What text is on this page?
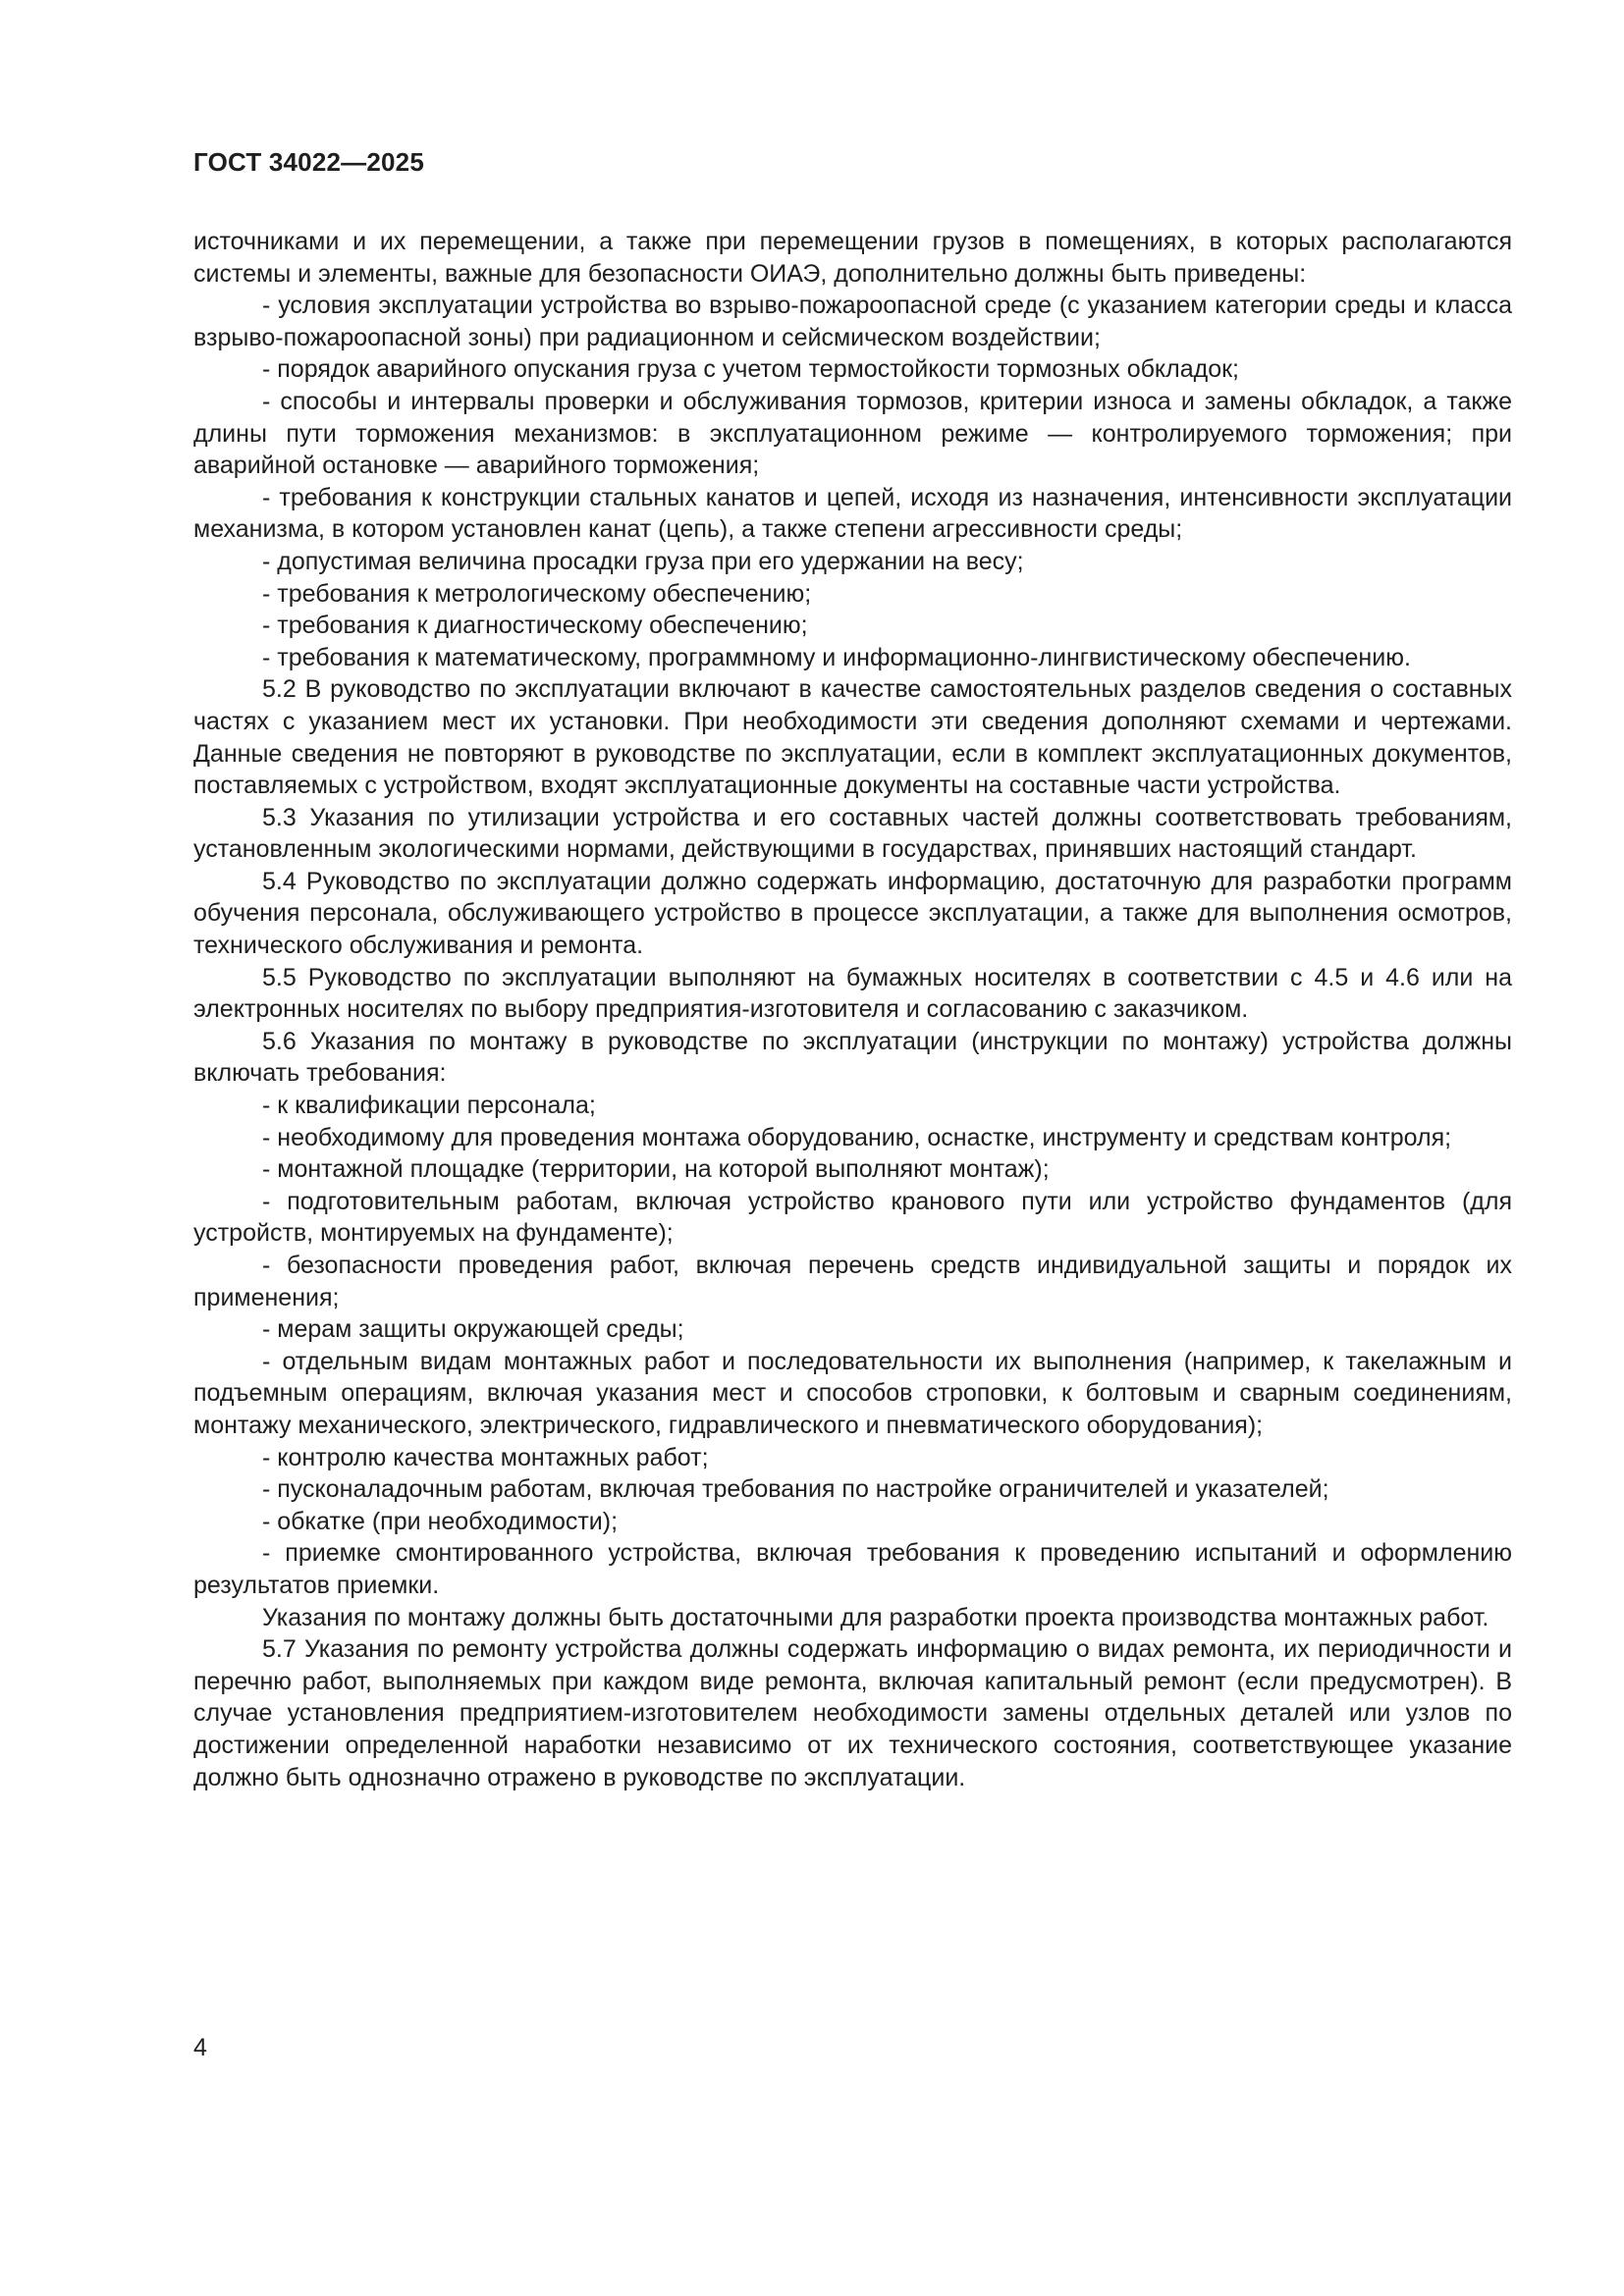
ГОСТ 34022—2025

источниками и их перемещении, а также при перемещении грузов в помещениях, в которых располагаются системы и элементы, важные для безопасности ОИАЭ, дополнительно должны быть приведены:

- условия эксплуатации устройства во взрыво-пожароопасной среде (с указанием категории среды и класса взрыво-пожароопасной зоны) при радиационном и сейсмическом воздействии;

- порядок аварийного опускания груза с учетом термостойкости тормозных обкладок;

- способы и интервалы проверки и обслуживания тормозов, критерии износа и замены обкладок, а также длины пути торможения механизмов: в эксплуатационном режиме — контролируемого торможения; при аварийной остановке — аварийного торможения;

- требования к конструкции стальных канатов и цепей, исходя из назначения, интенсивности эксплуатации механизма, в котором установлен канат (цепь), а также степени агрессивности среды;

- допустимая величина просадки груза при его удержании на весу;

- требования к метрологическому обеспечению;

- требования к диагностическому обеспечению;

- требования к математическому, программному и информационно-лингвистическому обеспечению.

5.2 В руководство по эксплуатации включают в качестве самостоятельных разделов сведения о составных частях с указанием мест их установки. При необходимости эти сведения дополняют схемами и чертежами. Данные сведения не повторяют в руководстве по эксплуатации, если в комплект эксплуатационных документов, поставляемых с устройством, входят эксплуатационные документы на составные части устройства.

5.3 Указания по утилизации устройства и его составных частей должны соответствовать требованиям, установленным экологическими нормами, действующими в государствах, принявших настоящий стандарт.

5.4 Руководство по эксплуатации должно содержать информацию, достаточную для разработки программ обучения персонала, обслуживающего устройство в процессе эксплуатации, а также для выполнения осмотров, технического обслуживания и ремонта.

5.5 Руководство по эксплуатации выполняют на бумажных носителях в соответствии с 4.5 и 4.6 или на электронных носителях по выбору предприятия-изготовителя и согласованию с заказчиком.

5.6 Указания по монтажу в руководстве по эксплуатации (инструкции по монтажу) устройства должны включать требования:

- к квалификации персонала;

- необходимому для проведения монтажа оборудованию, оснастке, инструменту и средствам контроля;

- монтажной площадке (территории, на которой выполняют монтаж);

- подготовительным работам, включая устройство кранового пути или устройство фундаментов (для устройств, монтируемых на фундаменте);

- безопасности проведения работ, включая перечень средств индивидуальной защиты и порядок их применения;

- мерам защиты окружающей среды;

- отдельным видам монтажных работ и последовательности их выполнения (например, к такелажным и подъемным операциям, включая указания мест и способов строповки, к болтовым и сварным соединениям, монтажу механического, электрического, гидравлического и пневматического оборудования);

- контролю качества монтажных работ;

- пусконаладочным работам, включая требования по настройке ограничителей и указателей;

- обкатке (при необходимости);

- приемке смонтированного устройства, включая требования к проведению испытаний и оформлению результатов приемки.

Указания по монтажу должны быть достаточными для разработки проекта производства монтажных работ.

5.7 Указания по ремонту устройства должны содержать информацию о видах ремонта, их периодичности и перечню работ, выполняемых при каждом виде ремонта, включая капитальный ремонт (если предусмотрен). В случае установления предприятием-изготовителем необходимости замены отдельных деталей или узлов по достижении определенной наработки независимо от их технического состояния, соответствующее указание должно быть однозначно отражено в руководстве по эксплуатации.

4
